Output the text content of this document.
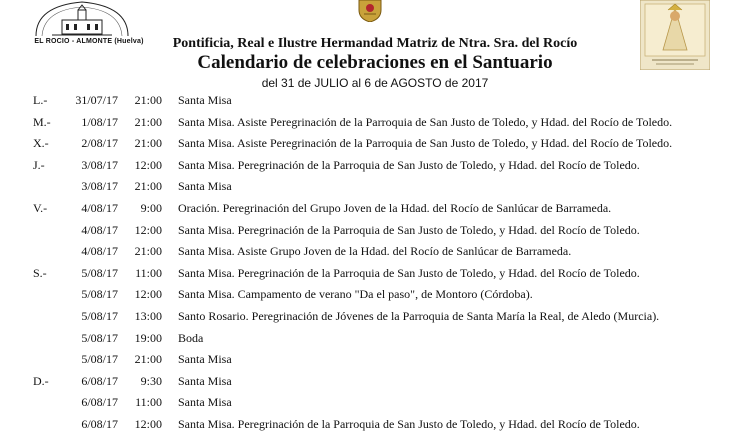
EL ROCIO - ALMONTE (Huelva)	Pontificia, Real e Ilustre Hermandad Matriz de Ntra. Sra. del Rocío
Calendario de celebraciones en el Santuario
del 31 de JULIO al 6 de AGOSTO de 2017
L.- 31/07/17	21:00 Santa Misa
M.-	1/08/17	21:00 Santa Misa. Asiste Peregrinación de la Parroquia de San Justo de Toledo, y Hdad. del Rocío de Toledo.
X.-	2/08/17	21:00 Santa Misa. Asiste Peregrinación de la Parroquia de San Justo de Toledo, y Hdad. del Rocío de Toledo.
J.-	3/08/17	12:00 Santa Misa. Peregrinación de la Parroquia de San Justo de Toledo, y Hdad. del Rocío de Toledo.
3/08/17	21:00 Santa Misa
V.-	4/08/17	9:00 Oración. Peregrinación del Grupo Joven de la Hdad. del Rocío de Sanlúcar de Barrameda.
4/08/17	12:00 Santa Misa. Peregrinación de la Parroquia de San Justo de Toledo, y Hdad. del Rocío de Toledo.
4/08/17	21:00 Santa Misa. Asiste Grupo Joven de la Hdad. del Rocío de Sanlúcar de Barrameda.
S.-	5/08/17	11:00 Santa Misa. Peregrinación de la Parroquia de San Justo de Toledo, y Hdad. del Rocío de Toledo.
5/08/17	12:00 Santa Misa. Campamento de verano "Da el paso", de Montoro (Córdoba).
5/08/17	13:00 Santo Rosario. Peregrinación de Jóvenes de la Parroquia de Santa María la Real, de Aledo (Murcia).
5/08/17	19:00 Boda
5/08/17	21:00 Santa Misa
D.-	6/08/17	9:30 Santa Misa
6/08/17	11:00 Santa Misa
6/08/17	12:00 Santa Misa. Peregrinación de la Parroquia de San Justo de Toledo, y Hdad. del Rocío de Toledo.
